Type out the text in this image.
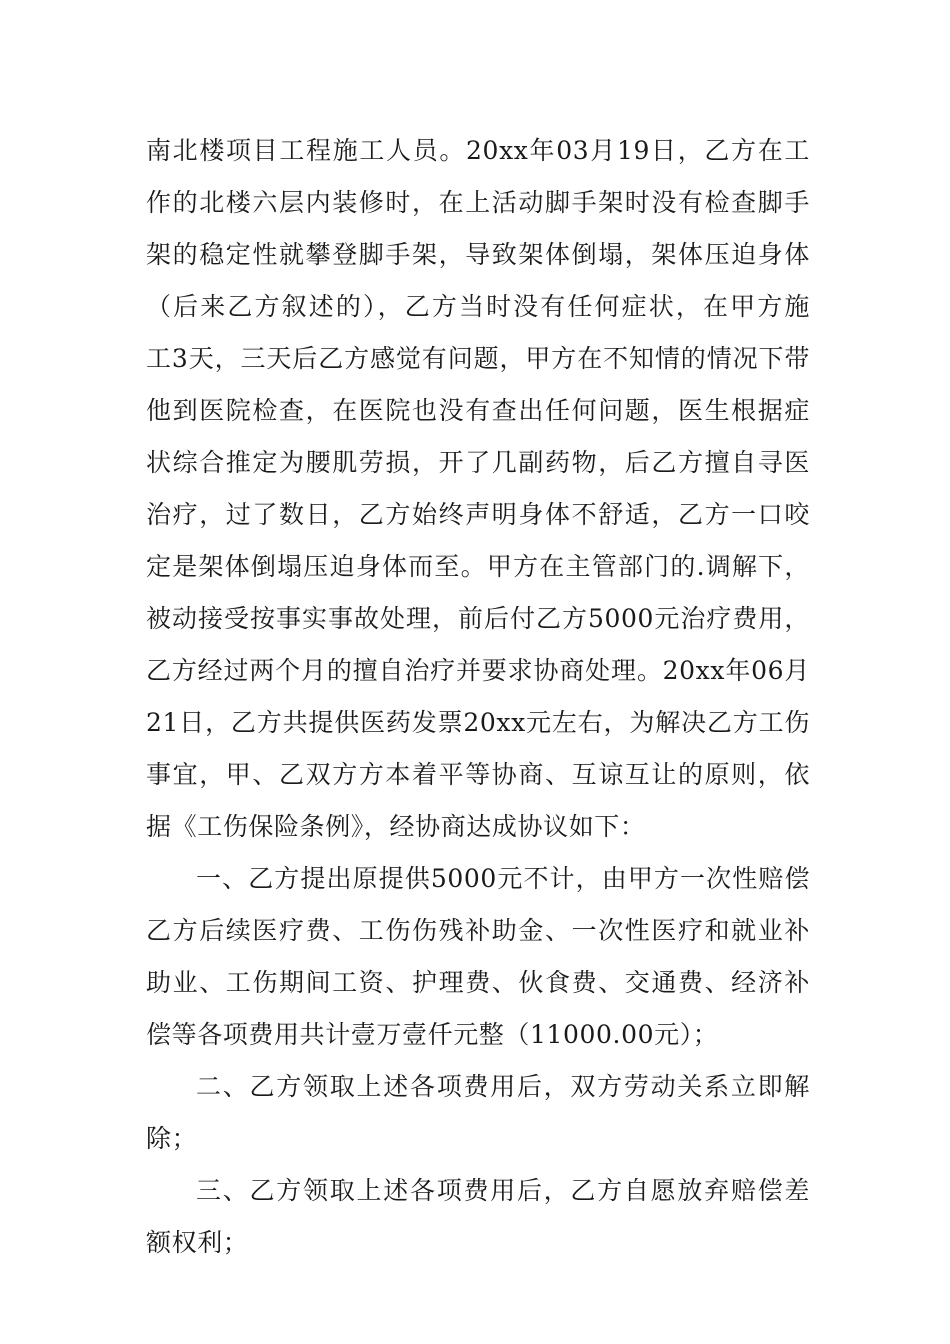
南北楼项目工程施工人员。20xx年03月19日，乙方在工
作的北楼六层内装修时，在上活动脚手架时没有检查脚手
架的稳定性就攀登脚手架，导致架体倒塌，架体压迫身体
（后来乙方叙述的），乙方当时没有任何症状，在甲方施
工3天，三天后乙方感觉有问题，甲方在不知情的情况下带
他到医院检查，在医院也没有查出任何问题，医生根据症
状综合推定为腰肌劳损，开了几副药物，后乙方擅自寻医
治疗，过了数日，乙方始终声明身体不舒适，乙方一口咬
定是架体倒塌压迫身体而至。甲方在主管部门的.调解下，
被动接受按事实事故处理，前后付乙方5000元治疗费用，
乙方经过两个月的擅自治疗并要求协商处理。20xx年06月
21日，乙方共提供医药发票20xx元左右，为解决乙方工伤
事宜，甲、乙双方方本着平等协商、互谅互让的原则，依
据《工伤保险条例》，经协商达成协议如下：
一、乙方提出原提供5000元不计，由甲方一次性赔偿
乙方后续医疗费、工伤伤残补助金、一次性医疗和就业补
助业、工伤期间工资、护理费、伙食费、交通费、经济补
偿等各项费用共计壹万壹仟元整（11000.00元）；
二、乙方领取上述各项费用后，双方劳动关系立即解
除；
三、乙方领取上述各项费用后，乙方自愿放弃赔偿差
额权利；
